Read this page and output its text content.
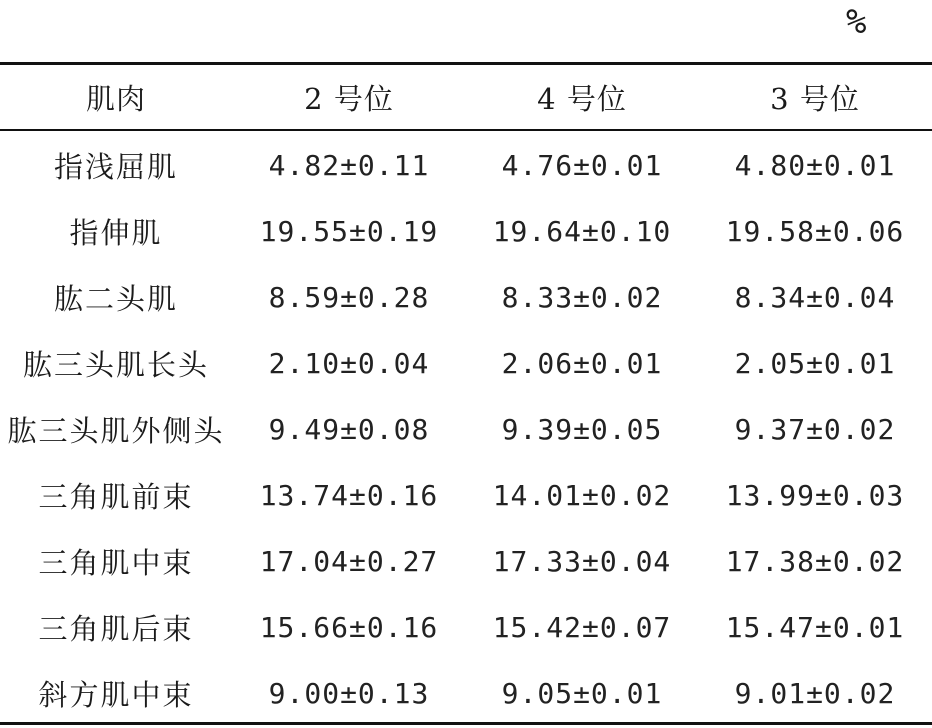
%
肌肉	2 号位	4 号位	3 号位
指浅屈肌	4.82±0.11	4.76±0.01	4.80±0.01
指伸肌	19.55±0.19	19.64±0.10	19.58±0.06
肱二头肌	8.59±0.28	8.33±0.02	8.34±0.04
肱三头肌长头	2.10±0.04	2.06±0.01	2.05±0.01
肱三头肌外侧头	9.49±0.08	9.39±0.05	9.37±0.02
三角肌前束	13.74±0.16	14.01±0.02	13.99±0.03
三角肌中束	17.04±0.27	17.33±0.04	17.38±0.02
三角肌后束	15.66±0.16	15.42±0.07	15.47±0.01
斜方肌中束	9.00±0.13	9.05±0.01	9.01±0.02
